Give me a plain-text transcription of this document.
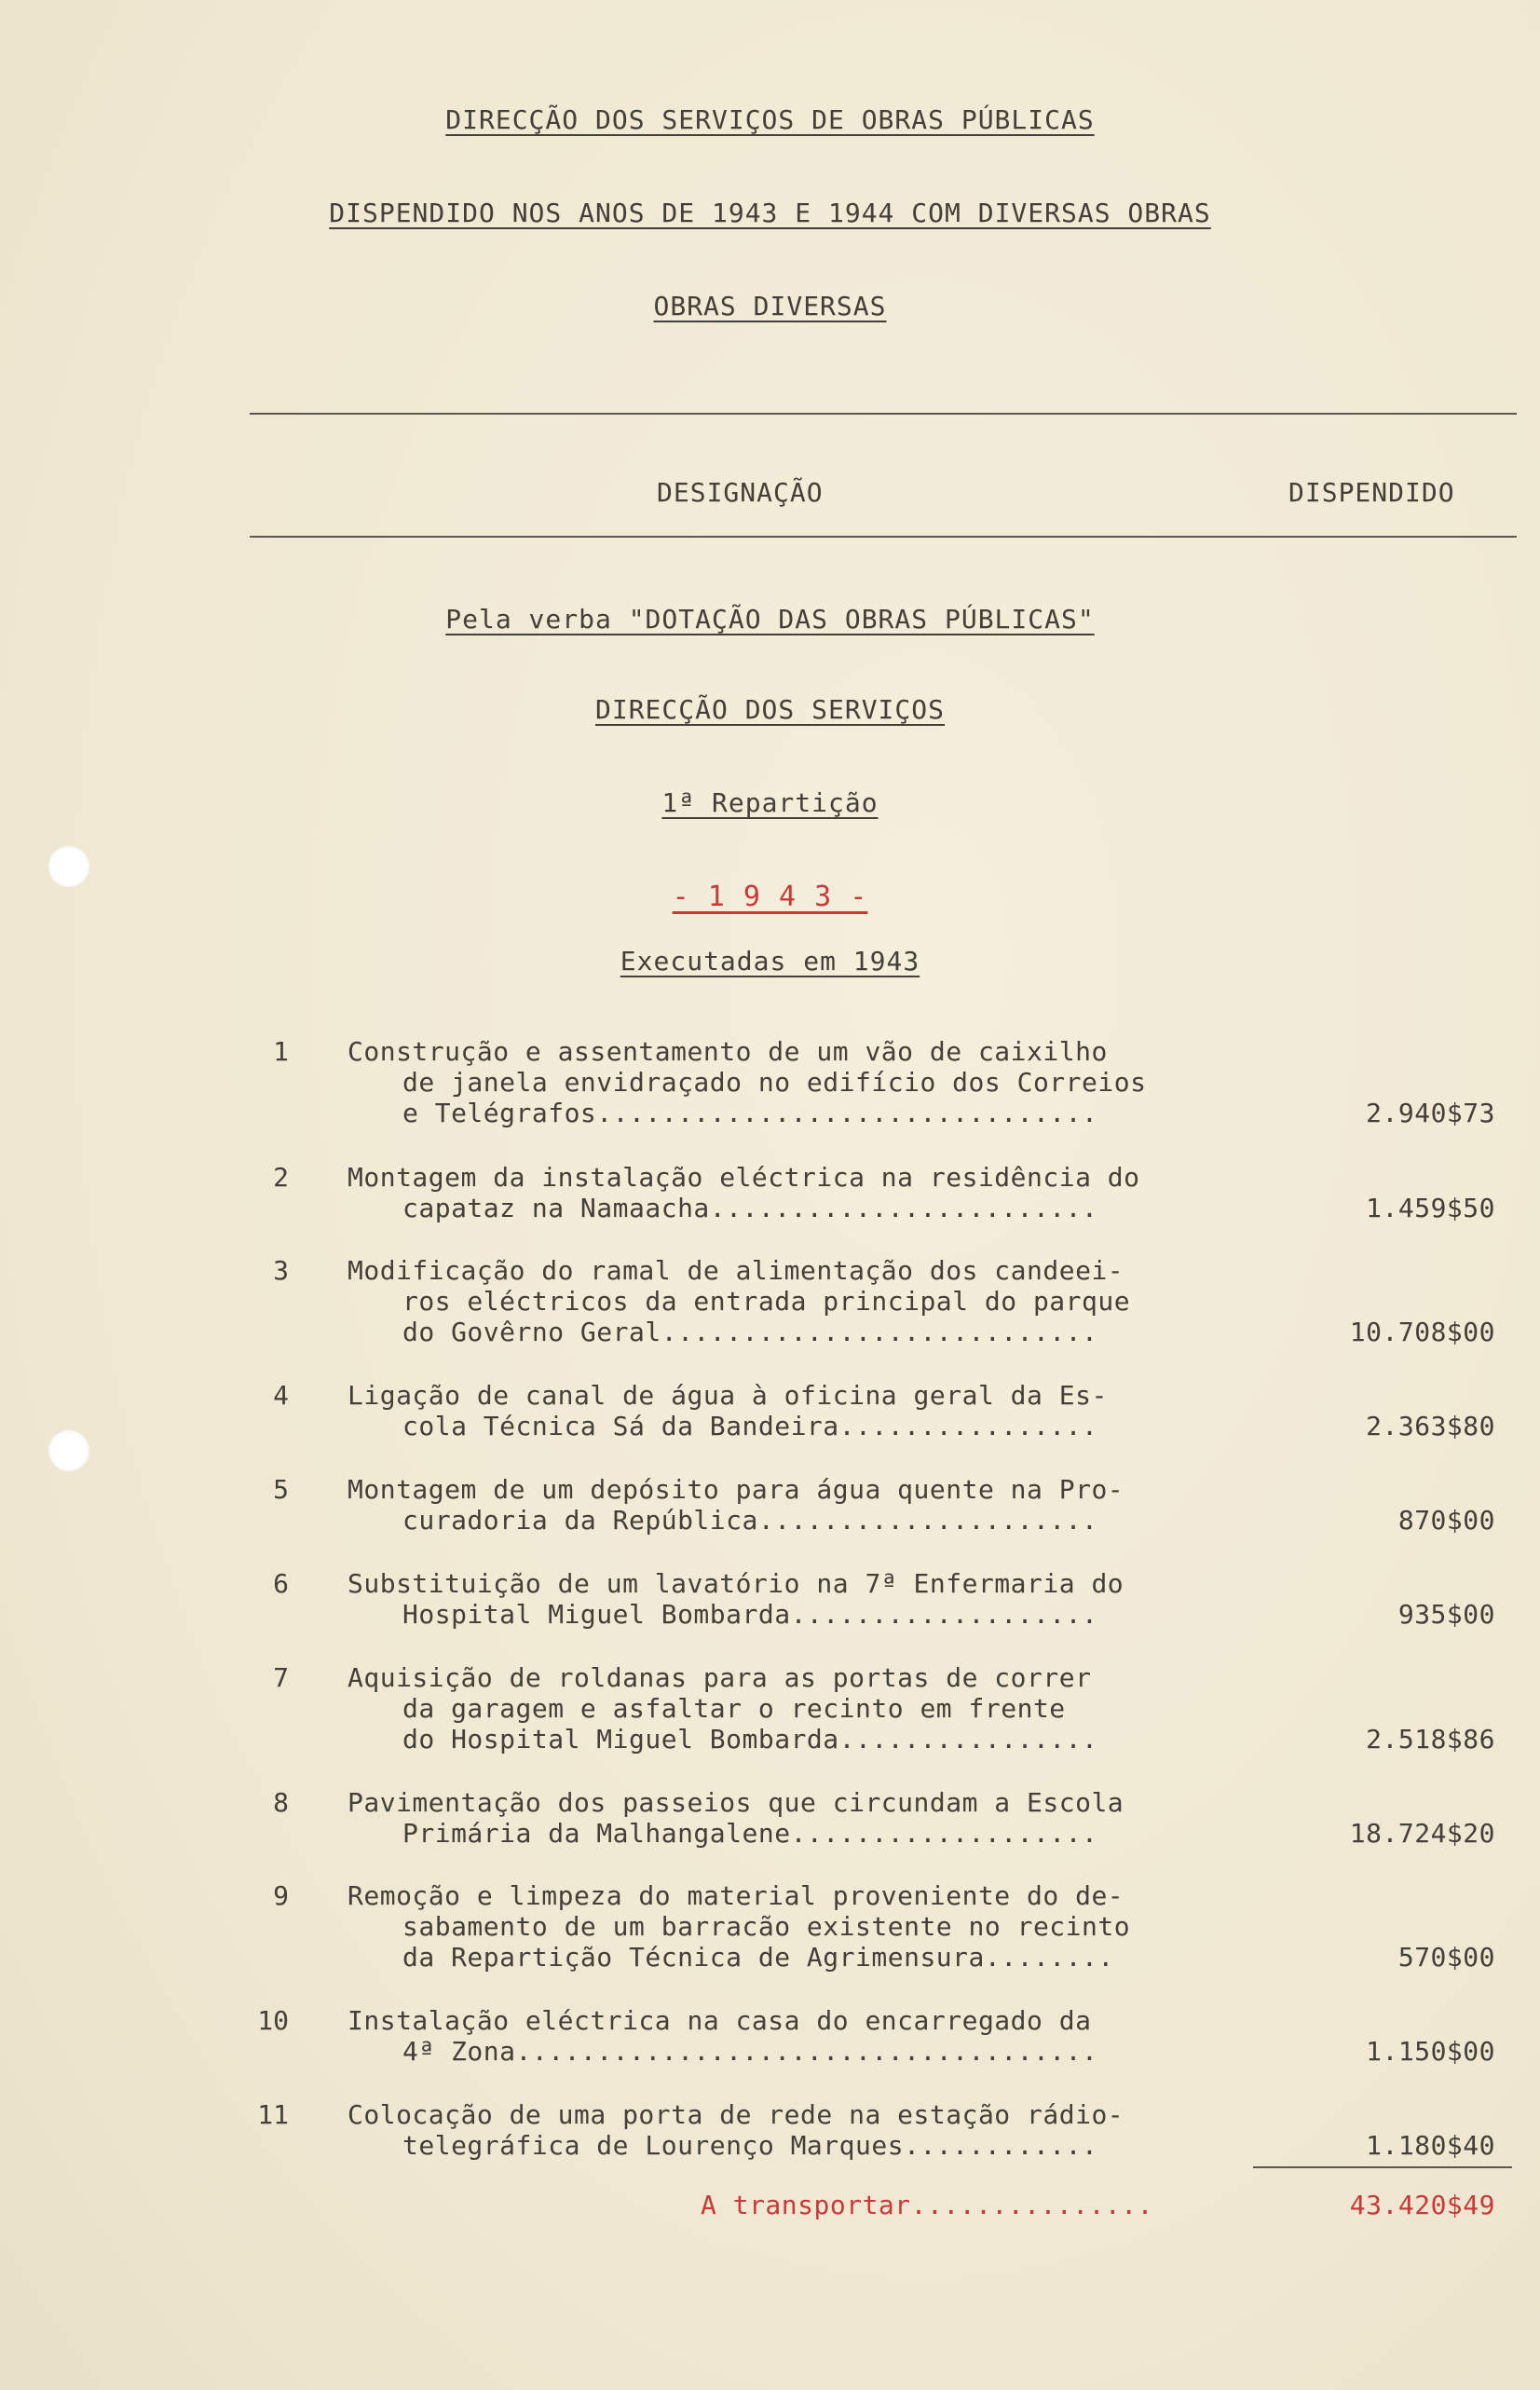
DIRECÇÃO DOS SERVIÇOS DE OBRAS PÚBLICAS
DISPENDIDO NOS ANOS DE 1943 E 1944 COM DIVERSAS OBRAS
OBRAS DIVERSAS
DESIGNAÇÃO	DISPENDIDO
Pela verba "DOTAÇÃO DAS OBRAS PÚBLICAS"
DIRECÇÃO DOS SERVIÇOS
1ª Repartição
- 1 9 4 3 -
Executadas em 1943
1 Construção e assentamento de um vão de caixilho
de janela envidraçado no edifício dos Correios
e Telégrafos...............................	2.940$73
2 Montagem da instalação eléctrica na residência do
capataz na Namaacha........................	1.459$50
3 Modificação do ramal de alimentação dos candeei-
ros eléctricos da entrada principal do parque
do Govêrno Geral...........................	10.708$00
4 Ligação de canal de água à oficina geral da Es-
cola Técnica Sá da Bandeira................	2.363$80
5 Montagem de um depósito para água quente na Pro-
curadoria da República.....................	870$00
6 Substituição de um lavatório na 7ª Enfermaria do
Hospital Miguel Bombarda...................	935$00
7 Aquisição de roldanas para as portas de correr
da garagem e asfaltar o recinto em frente
do Hospital Miguel Bombarda................	2.518$86
8 Pavimentação dos passeios que circundam a Escola
Primária da Malhangalene...................	18.724$20
9 Remoção e limpeza do material proveniente do de-
sabamento de um barracão existente no recinto
da Repartição Técnica de Agrimensura........	570$00
10 Instalação eléctrica na casa do encarregado da
4ª Zona....................................	1.150$00
11 Colocação de uma porta de rede na estação rádio-
telegráfica de Lourenço Marques............	1.180$40
A transportar...............	43.420$49
